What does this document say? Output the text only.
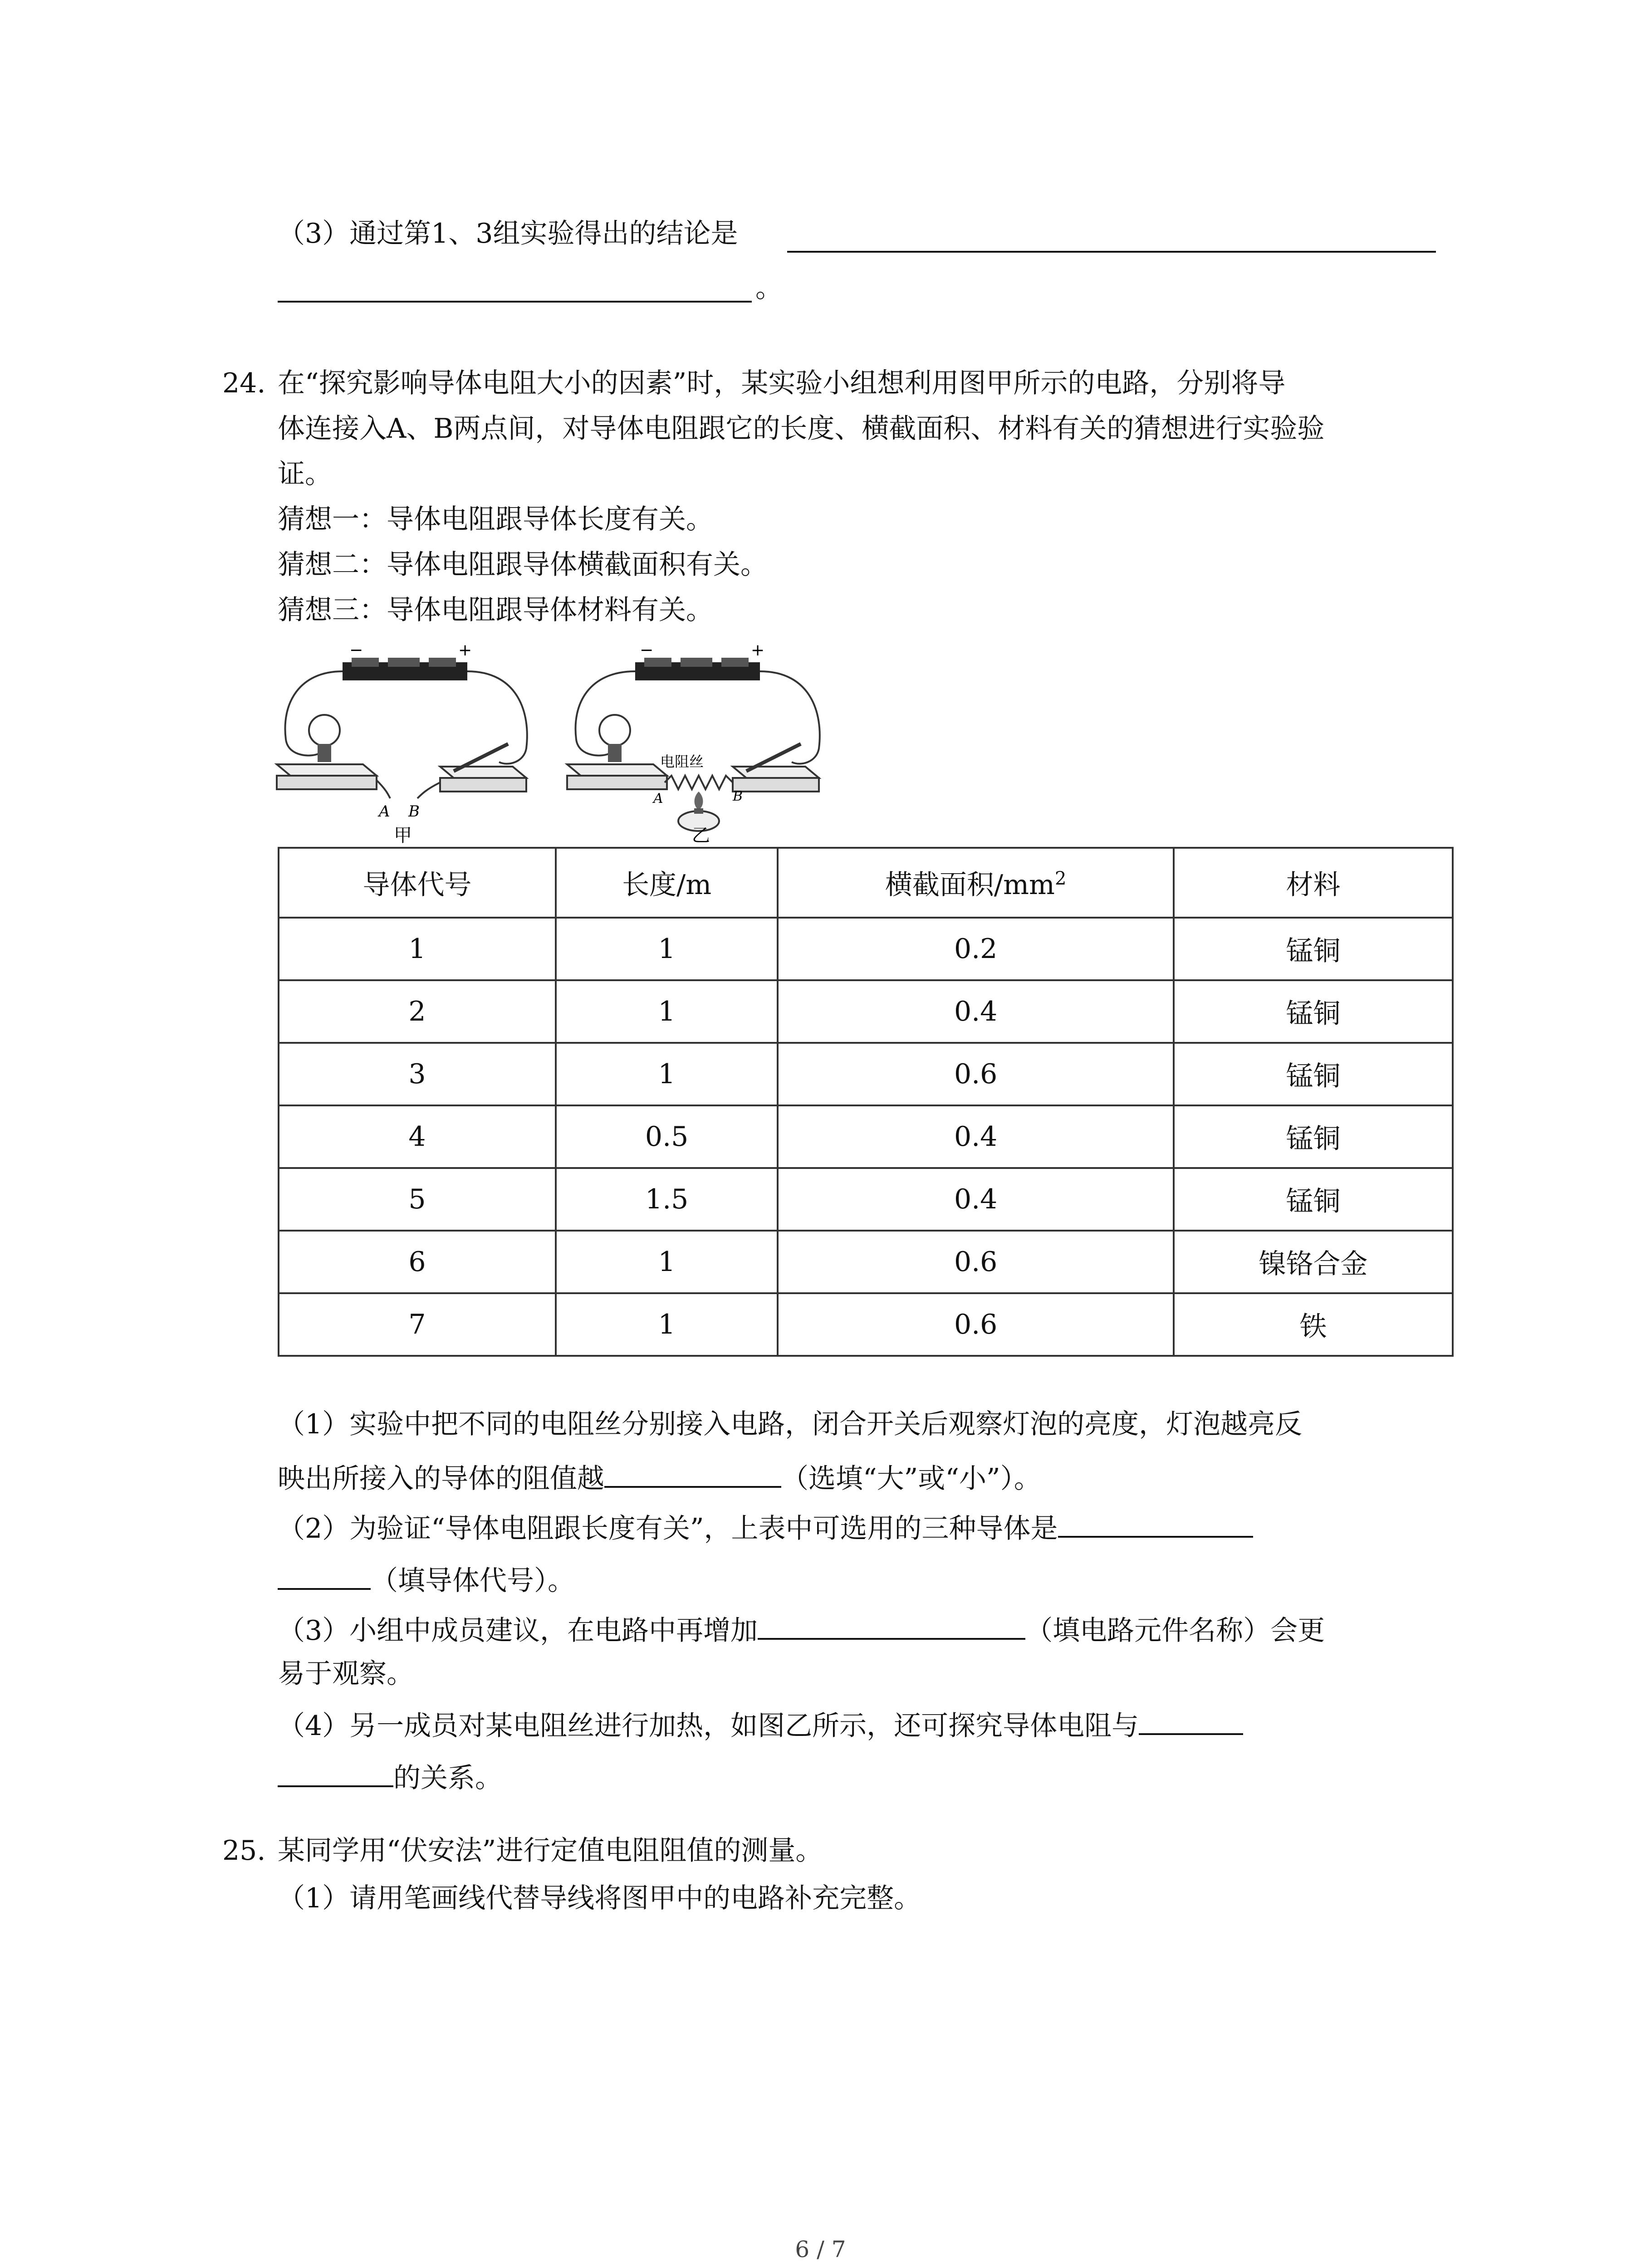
（3）通过第1、3组实验得出的结论是
。
24. 在“探究影响导体电阻大小的因素”时，某实验小组想利用图甲所示的电路，分别将导
体连接入A、B两点间，对导体电阻跟它的长度、横截面积、材料有关的猜想进行实验验
证。
猜想一：导体电阻跟导体长度有关。
猜想二：导体电阻跟导体横截面积有关。
猜想三：导体电阻跟导体材料有关。
−	+
A B
甲
−	+
电阻丝
A	B
乙
导体代号	长度/m	横截面积$/mm^2$	材料
1	1	0.2	锰铜
2	1	0.4	锰铜
3	1	0.6	锰铜
4	0.5	0.4	锰铜
5	1.5	0.4	锰铜
6	1	0.6	镍铬合金
7	1	0.6	铁
（1）实验中把不同的电阻丝分别接入电路，闭合开关后观察灯泡的亮度，灯泡越亮反
映出所接入的导体的阻值越	（选填“大”或“小”）。
（2）为验证“导体电阻跟长度有关”，上表中可选用的三种导体是
（填导体代号）。
（3）小组中成员建议，在电路中再增加	（填电路元件名称）会更
易于观察。
（4）另一成员对某电阻丝进行加热，如图乙所示，还可探究导体电阻与
的关系。
25. 某同学用“伏安法”进行定值电阻阻值的测量。
（1）请用笔画线代替导线将图甲中的电路补充完整。
6 / 7
